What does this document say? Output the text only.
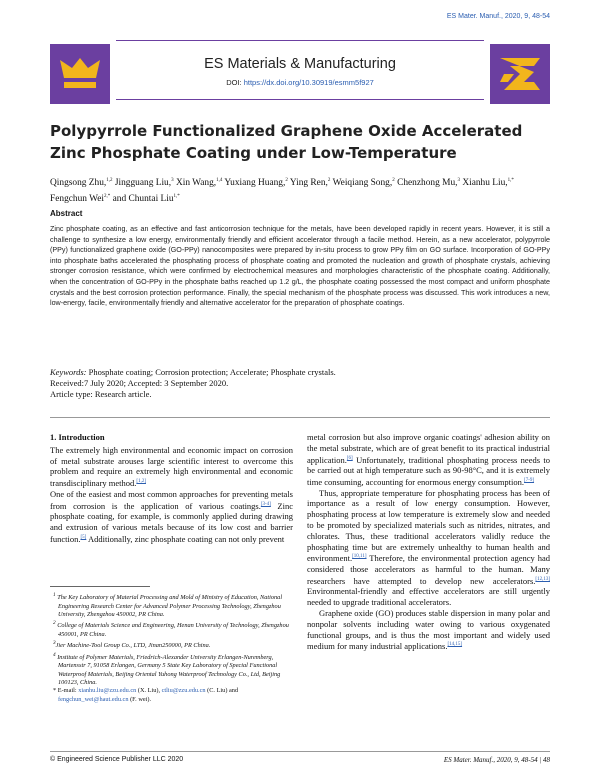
ES Mater. Manuf., 2020, 9, 48-54
ES Materials & Manufacturing
DOI: https://dx.doi.org/10.30919/esmm5f927
Polypyrrole Functionalized Graphene Oxide Accelerated Zinc Phosphate Coating under Low-Temperature
Qingsong Zhu,$^{1,2}$ Jingguang Liu,$^3$ Xin Wang,$^{1,4}$ Yuxiang Huang,$^2$ Ying Ren,$^2$ Weiqiang Song,$^2$ Chenzhong Mu,$^3$ Xianhu Liu,$^{1,*}$
Fengchun Wei$^{2,*}$ and Chuntai Liu$^{1,*}$
Abstract
Zinc phosphate coating, as an effective and fast anticorrosion technique for the metals, have been developed rapidly in recent years. However, it is still a challenge to synthesize a low energy, environmentally friendly and efficient accelerator through a facile method. Herein, as a new accelerator, polypyrrole (PPy) functionalized graphene oxide (GO-PPy) nanocomposites were prepared by in-situ process to grow PPy film on GO surface. Incorporation of GO-PPy into phosphate baths accelerated the phosphating process of phosphate coating and promoted the nucleation and growth of phosphate crystals, achieving stronger corrosion resistance, which were confirmed by electrochemical measures and morphologies characteristic of the phosphate coating. Additionally, when the concentration of GO-PPy in the phosphate baths reached up 1.2 g/L, the phosphate coating possessed the most compact and uniform phosphate crystals and the best corrosion protection performance. Finally, the special mechanism of the phosphate process was discussed. This work introduces a new, low-energy, facile, environmentally friendly and alternative accelerator for the preparation of phosphate coatings.
Keywords: Phosphate coating; Corrosion protection; Accelerate; Phosphate crystals.
Received:7 July 2020; Accepted: 3 September 2020.
Article type: Research article.
1. Introduction

The extremely high environmental and economic impact on corrosion of metal substrate arouses large scientific interest to overcome this problem and require an extremely high environmental and economic transdisciplinary method.[1,2]

One of the easiest and most common approaches for preventing metals from corrosion is the application of various coatings.[3-4] Zinc phosphate coating, for example, is commonly applied during drawing and extrusion of various metals because of its low cost and barrier function.[5] Additionally, zinc phosphate coating can not only prevent

metal corrosion but also improve organic coatings' adhesion ability on the metal substrate, which are of great benefit to its practical industrial application.[6] Unfortunately, traditional phosphating process needs to be carried out at high temperature such as 90-98°C, and it is extremely time consuming, accounting for enormous energy consumption.[7-9]

Thus, appropriate temperature for phosphating process has been of importance as a result of low energy consumption. However, phosphating process at low temperature is extremely slow and needed to be promoted by specialized materials such as nitrides, nitrates, and chlorates. Thus, these traditional accelerators validly reduce the phosphating time but are extremely unhealthy to human health and environment.[10,11] Therefore, the environmental protection agency had considered those accelerators as harmful to the human. Many researchers have attempted to develop new accelerators.[12,13] Environmental-friendly and effective accelerators are still urgently needed to upgrade traditional accelerators.

Graphene oxide (GO) produces stable dispersion in many polar and nonpolar solvents including water owing to various oxygenated functional groups, and is thus the most important and widely used medium for many industrial applications.[14,15]

$^1$ The Key Laboratory of Material Processing and Mold of Ministry of Education, National Engineering Research Center for Advanced Polymer Processing Technology, Zhengzhou University, Zhengzhou 450002, PR China.
$^2$ College of Materials Science and Engineering, Henan University of Technology, Zhengzhou 450001, PR China.
$^3$Jier Machine-Tool Group Co., LTD, Jinan250000, PR China.
$^4$ Institute of Polymer Materials, Friedrich-Alexander University Erlangen-Nuremberg, Martensstr 7, 91058 Erlangen, Germany 5 State Key Laboratory of Special Functional Waterproof Materials, Beijing Oriental Yuhong Waterproof Technology Co., Ltd, Beijing 100123, China.
* E-mail: xianhu.liu@zzu.edu.cn (X. Liu), ctliu@zzu.edu.cn (C. Liu) and fengchun_wei@haut.edu.cn (F. wei).
© Engineered Science Publisher LLC 2020	ES Mater. Manuf., 2020, 9, 48-54 | 48
